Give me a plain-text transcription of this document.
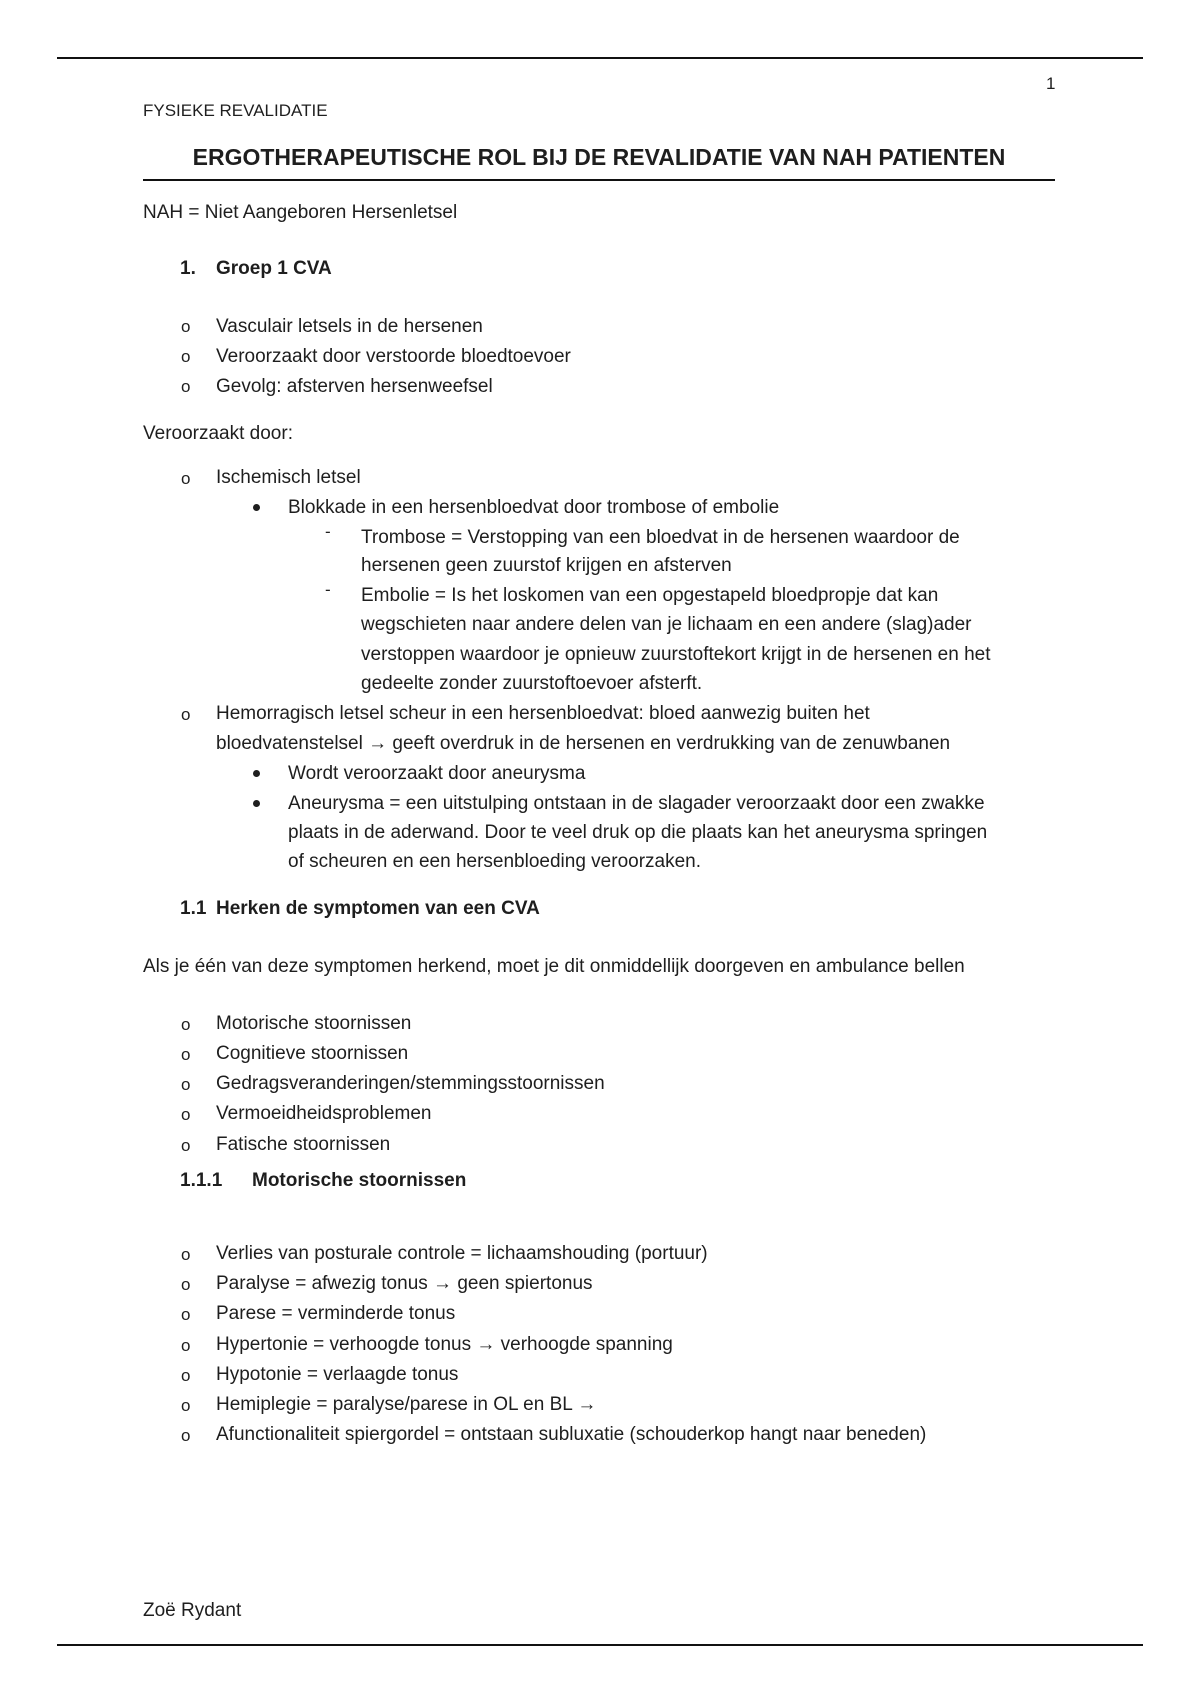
1
FYSIEKE REVALIDATIE
ERGOTHERAPEUTISCHE ROL BIJ DE REVALIDATIE VAN NAH PATIENTEN
NAH = Niet Aangeboren Hersenletsel
1. Groep 1 CVA
o Vasculair letsels in de hersenen
o Veroorzaakt door verstoorde bloedtoevoer
o Gevolg: afsterven hersenweefsel
Veroorzaakt door:
o Ischemisch letsel
Blokkade in een hersenbloedvat door trombose of embolie
- Trombose = Verstopping van een bloedvat in de hersenen waardoor de
hersenen geen zuurstof krijgen en afsterven
- Embolie = Is het loskomen van een opgestapeld bloedpropje dat kan
wegschieten naar andere delen van je lichaam en een andere (slag)ader
verstoppen waardoor je opnieuw zuurstoftekort krijgt in de hersenen en het
gedeelte zonder zuurstoftoevoer afsterft.
o Hemorragisch letsel scheur in een hersenbloedvat: bloed aanwezig buiten het
bloedvatenstelsel → geeft overdruk in de hersenen en verdrukking van de zenuwbanen
Wordt veroorzaakt door aneurysma
Aneurysma = een uitstulping ontstaan in de slagader veroorzaakt door een zwakke
plaats in de aderwand. Door te veel druk op die plaats kan het aneurysma springen
of scheuren en een hersenbloeding veroorzaken.
1.1 Herken de symptomen van een CVA
Als je één van deze symptomen herkend, moet je dit onmiddellijk doorgeven en ambulance bellen
o Motorische stoornissen
o Cognitieve stoornissen
o Gedragsveranderingen/stemmingsstoornissen
o Vermoeidheidsproblemen
o Fatische stoornissen
1.1.1 Motorische stoornissen
o Verlies van posturale controle = lichaamshouding (portuur)
o Paralyse = afwezig tonus → geen spiertonus
o Parese = verminderde tonus
o Hypertonie = verhoogde tonus → verhoogde spanning
o Hypotonie = verlaagde tonus
o Hemiplegie = paralyse/parese in OL en BL →
o Afunctionaliteit spiergordel = ontstaan subluxatie (schouderkop hangt naar beneden)
Zoë Rydant
